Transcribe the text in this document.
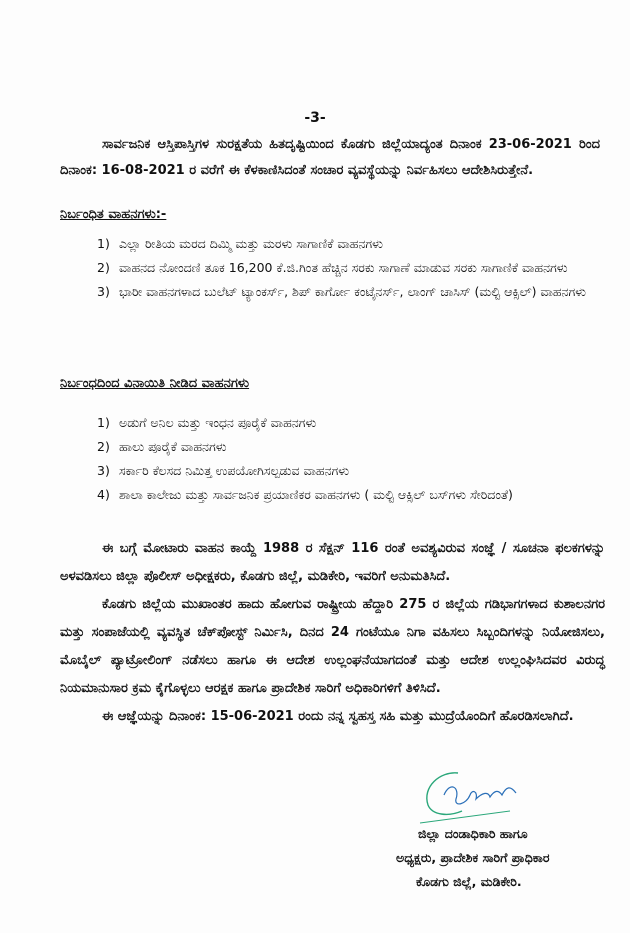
-3-
ಸಾರ್ವಜನಿಕ ಆಸ್ತಿಪಾಸ್ತಿಗಳ ಸುರಕ್ಷತೆಯ ಹಿತದೃಷ್ಟಿಯಿಂದ ಕೊಡಗು ಜಿಲ್ಲೆಯಾದ್ಯಂತ ದಿನಾಂಕ 23-06-2021 ರಿಂದ ದಿನಾಂಕ: 16-08-2021 ರ ವರೆಗೆ ಈ ಕೆಳಕಾಣಿಸಿದಂತೆ ಸಂಚಾರ ವ್ಯವಸ್ಥೆಯನ್ನು ನಿರ್ವಹಿಸಲು ಆದೇಶಿಸಿರುತ್ತೇನೆ.
ನಿರ್ಬಂಧಿತ ವಾಹನಗಳು:-
1) ಎಲ್ಲಾ ರೀತಿಯ ಮರದ ದಿಮ್ಮಿ ಮತ್ತು ಮರಳು ಸಾಗಾಣಿಕೆ ವಾಹನಗಳು
2) ವಾಹನದ ನೋಂದಣಿ ತೂಕ 16,200 ಕೆ.ಜಿ.ಗಿಂತ ಹೆಚ್ಚಿನ ಸರಕು ಸಾಗಾಣೆ ಮಾಡುವ ಸರಕು ಸಾಗಾಣಿಕೆ ವಾಹನಗಳು
3) ಭಾರೀ ವಾಹನಗಳಾದ ಬುಲೆಟ್ ಟ್ಯಾಂಕರ್ಸ್, ಶಿಪ್ ಕಾರ್ಗೋ ಕಂಟೈನರ್ಸ್, ಲಾಂಗ್ ಚಾಸಿಸ್ (ಮಲ್ಟಿ ಆಕ್ಸಿಲ್) ವಾಹನಗಳು
ನಿರ್ಬಂಧದಿಂದ ವಿನಾಯಿತಿ ನೀಡಿದ ವಾಹನಗಳು
1) ಅಡುಗೆ ಅನಿಲ ಮತ್ತು ಇಂಧನ ಪೂರೈಕೆ ವಾಹನಗಳು
2) ಹಾಲು ಪೂರೈಕೆ ವಾಹನಗಳು
3) ಸರ್ಕಾರಿ ಕೆಲಸದ ನಿಮಿತ್ತ ಉಪಯೋಗಿಸಲ್ಪಡುವ ವಾಹನಗಳು
4) ಶಾಲಾ ಕಾಲೇಜು ಮತ್ತು ಸಾರ್ವಜನಿಕ ಪ್ರಯಾಣಿಕರ ವಾಹನಗಳು ( ಮಲ್ಟಿ ಆಕ್ಸಿಲ್ ಬಸ್‌ಗಳು ಸೇರಿದಂತೆ)
ಈ ಬಗ್ಗೆ ಮೋಟಾರು ವಾಹನ ಕಾಯ್ದೆ 1988 ರ ಸೆಕ್ಷನ್ 116 ರಂತೆ ಅವಶ್ಯವಿರುವ ಸಂಜ್ಞೆ / ಸೂಚನಾ ಫಲಕಗಳನ್ನು ಅಳವಡಿಸಲು ಜಿಲ್ಲಾ ಪೊಲೀಸ್ ಅಧೀಕ್ಷಕರು, ಕೊಡಗು ಜಿಲ್ಲೆ, ಮಡಿಕೇರಿ, ಇವರಿಗೆ ಅನುಮತಿಸಿದೆ.
ಕೊಡಗು ಜಿಲ್ಲೆಯ ಮುಖಾಂತರ ಹಾದು ಹೋಗುವ ರಾಷ್ಟ್ರೀಯ ಹೆದ್ದಾರಿ 275 ರ ಜಿಲ್ಲೆಯ ಗಡಿಭಾಗಗಳಾದ ಕುಶಾಲನಗರ ಮತ್ತು ಸಂಪಾಜೆಯಲ್ಲಿ ವ್ಯವಸ್ಥಿತ ಚೆಕ್‌ಪೋಸ್ಟ್ ನಿರ್ಮಿಸಿ, ದಿನದ 24 ಗಂಟೆಯೂ ನಿಗಾ ವಹಿಸಲು ಸಿಬ್ಬಂದಿಗಳನ್ನು ನಿಯೋಜಿಸಲು, ಮೊಬೈಲ್ ಪ್ಯಾಟ್ರೋಲಿಂಗ್ ನಡೆಸಲು ಹಾಗೂ ಈ ಆದೇಶ ಉಲ್ಲಂಘನೆಯಾಗದಂತೆ ಮತ್ತು ಆದೇಶ ಉಲ್ಲಂಘಿಸಿದವರ ವಿರುದ್ಧ ನಿಯಮಾನುಸಾರ ಕ್ರಮ ಕೈಗೊಳ್ಳಲು ಆರಕ್ಷಕ ಹಾಗೂ ಪ್ರಾದೇಶಿಕ ಸಾರಿಗೆ ಅಧಿಕಾರಿಗಳಿಗೆ ತಿಳಿಸಿದೆ.
ಈ ಆಜ್ಞೆಯನ್ನು ದಿನಾಂಕ: 15-06-2021 ರಂದು ನನ್ನ ಸ್ವಹಸ್ತ ಸಹಿ ಮತ್ತು ಮುದ್ರೆಯೊಂದಿಗೆ ಹೊರಡಿಸಲಾಗಿದೆ.
ಜಿಲ್ಲಾ ದಂಡಾಧಿಕಾರಿ ಹಾಗೂ
ಅಧ್ಯಕ್ಷರು, ಪ್ರಾದೇಶಿಕ ಸಾರಿಗೆ ಪ್ರಾಧಿಕಾರ
ಕೊಡಗು ಜಿಲ್ಲೆ, ಮಡಿಕೇರಿ.
